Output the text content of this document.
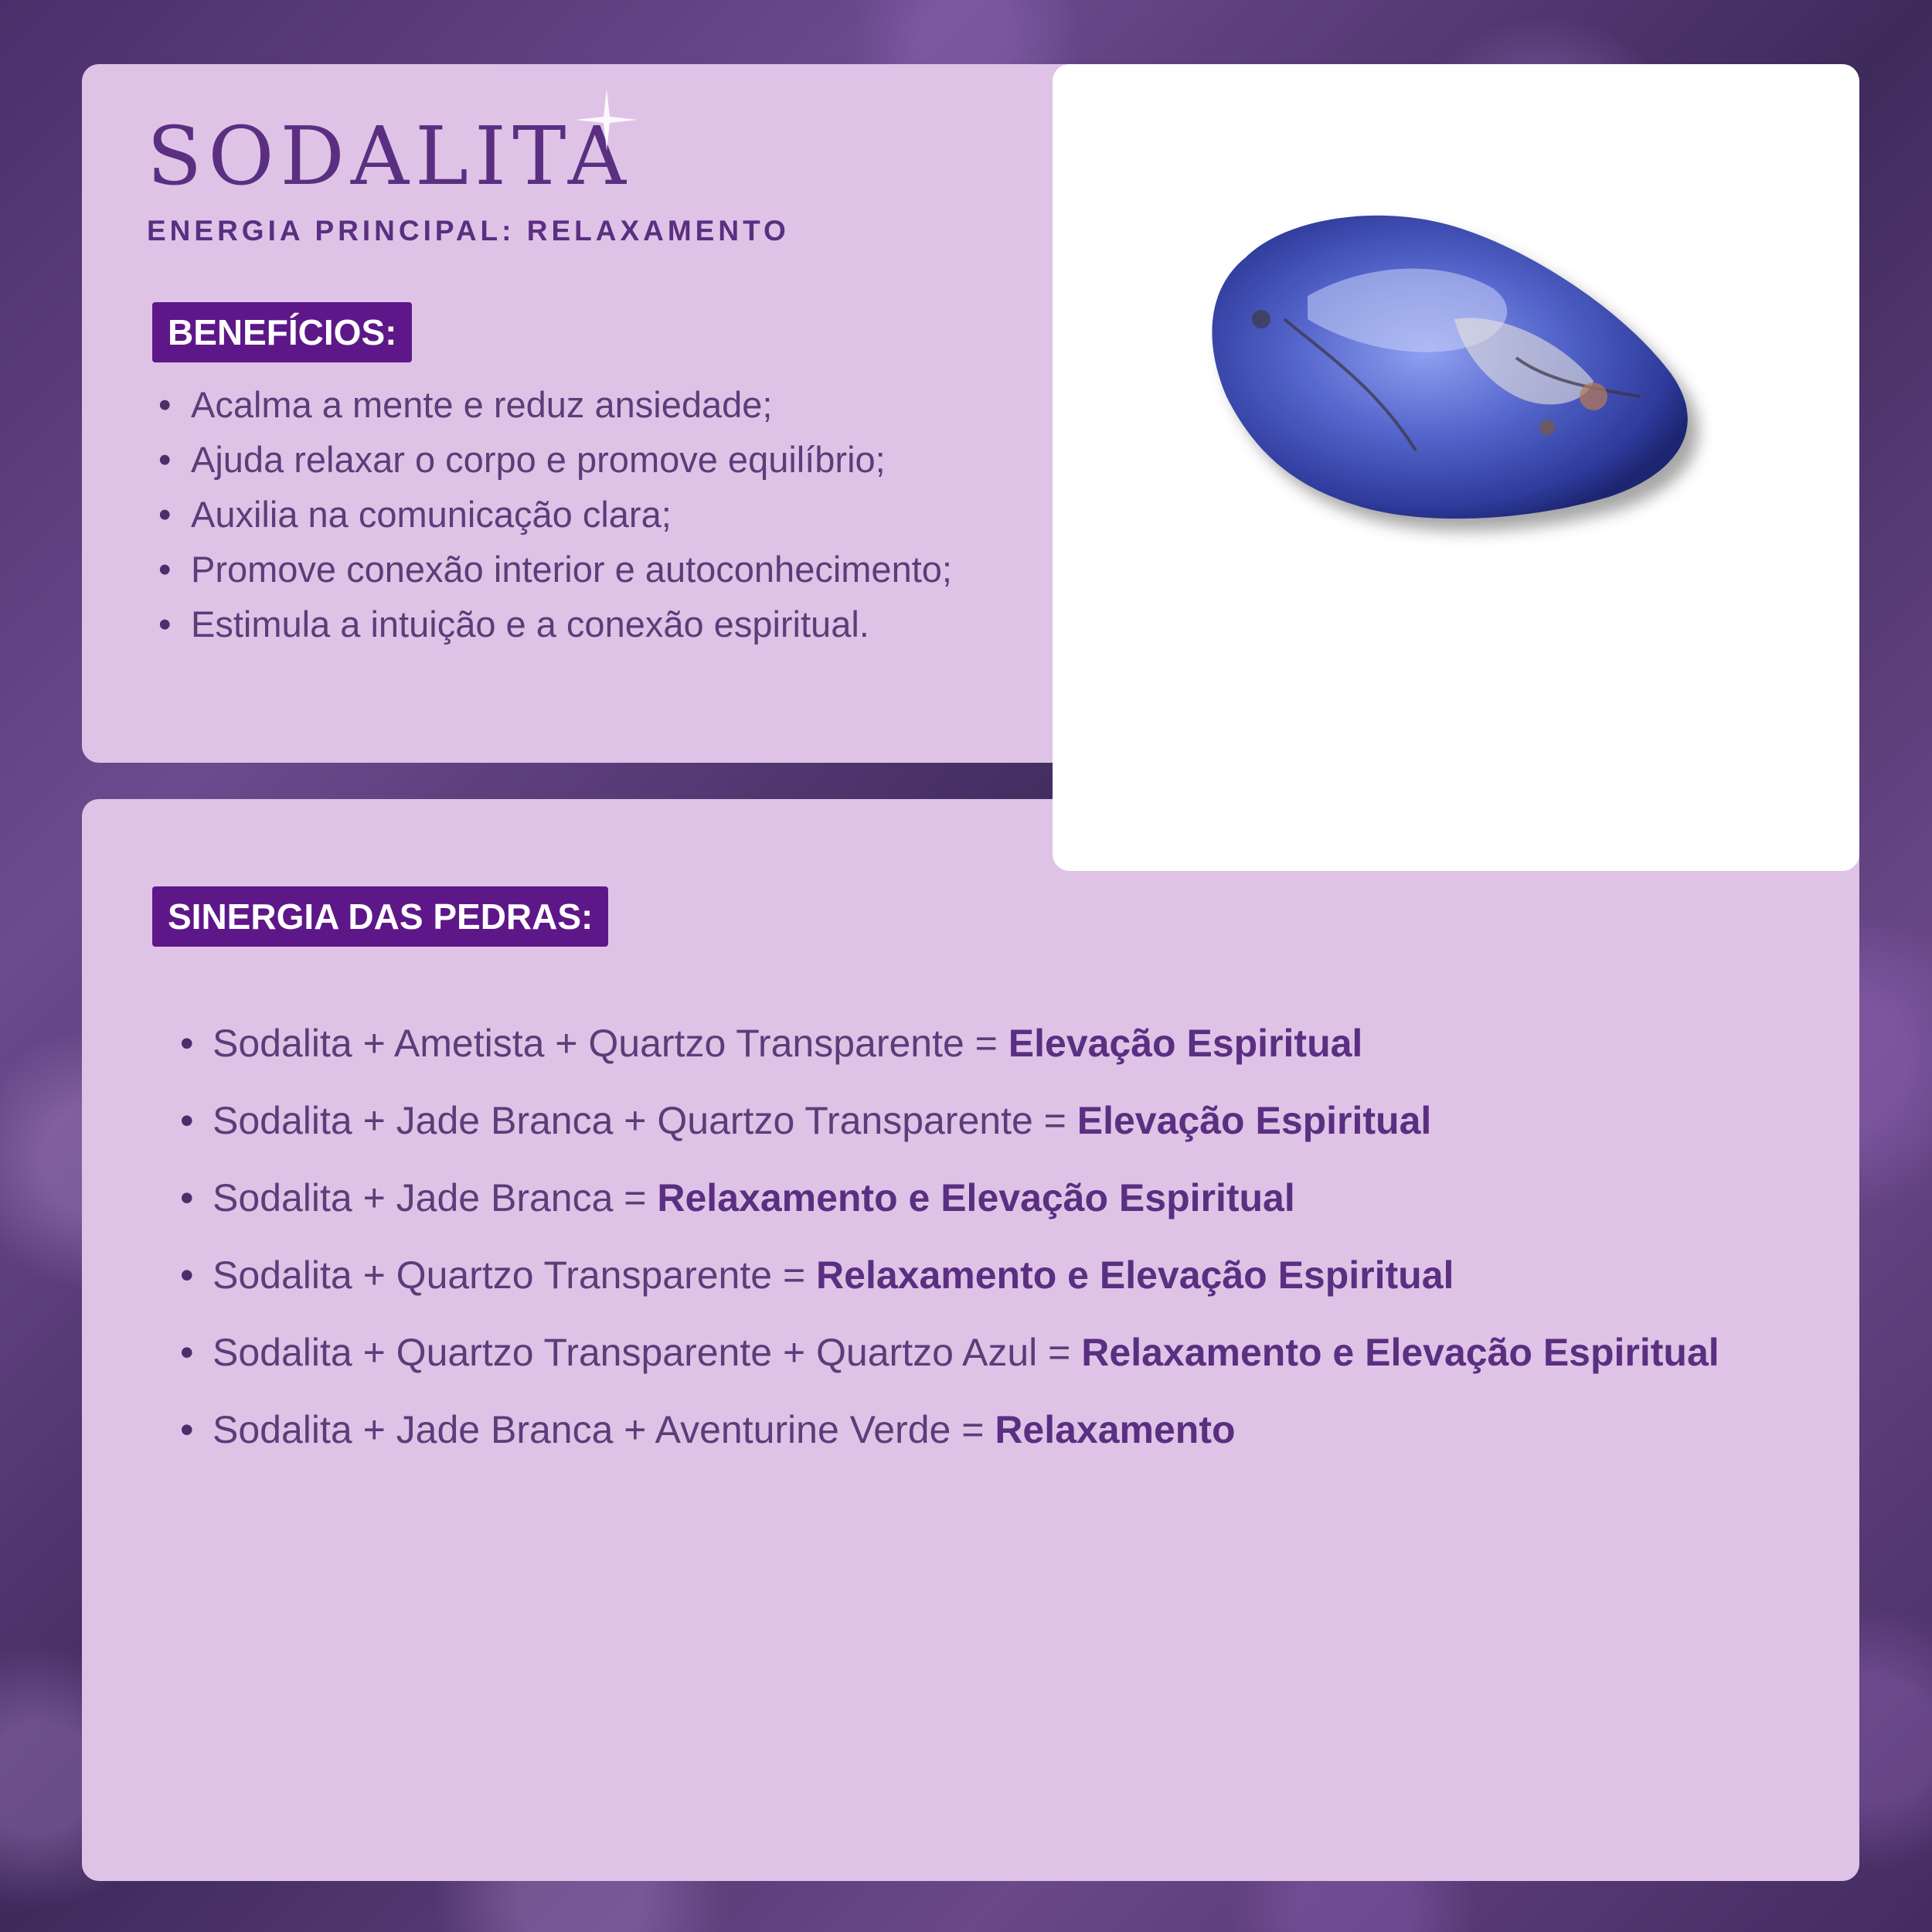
SODALITA
ENERGIA PRINCIPAL: RELAXAMENTO
BENEFÍCIOS:
• Acalma a mente e reduz ansiedade;
• Ajuda relaxar o corpo e promove equilíbrio;
• Auxilia na comunicação clara;
• Promove conexão interior e autoconhecimento;
• Estimula a intuição e a conexão espiritual.
SINERGIA DAS PEDRAS:
• Sodalita + Ametista + Quartzo Transparente = Elevação Espiritual
• Sodalita + Jade Branca + Quartzo Transparente = Elevação Espiritual
• Sodalita + Jade Branca = Relaxamento e Elevação Espiritual
• Sodalita + Quartzo Transparente = Relaxamento e Elevação Espiritual
• Sodalita + Quartzo Transparente + Quartzo Azul = Relaxamento e Elevação Espiritual
• Sodalita + Jade Branca + Aventurine Verde = Relaxamento
